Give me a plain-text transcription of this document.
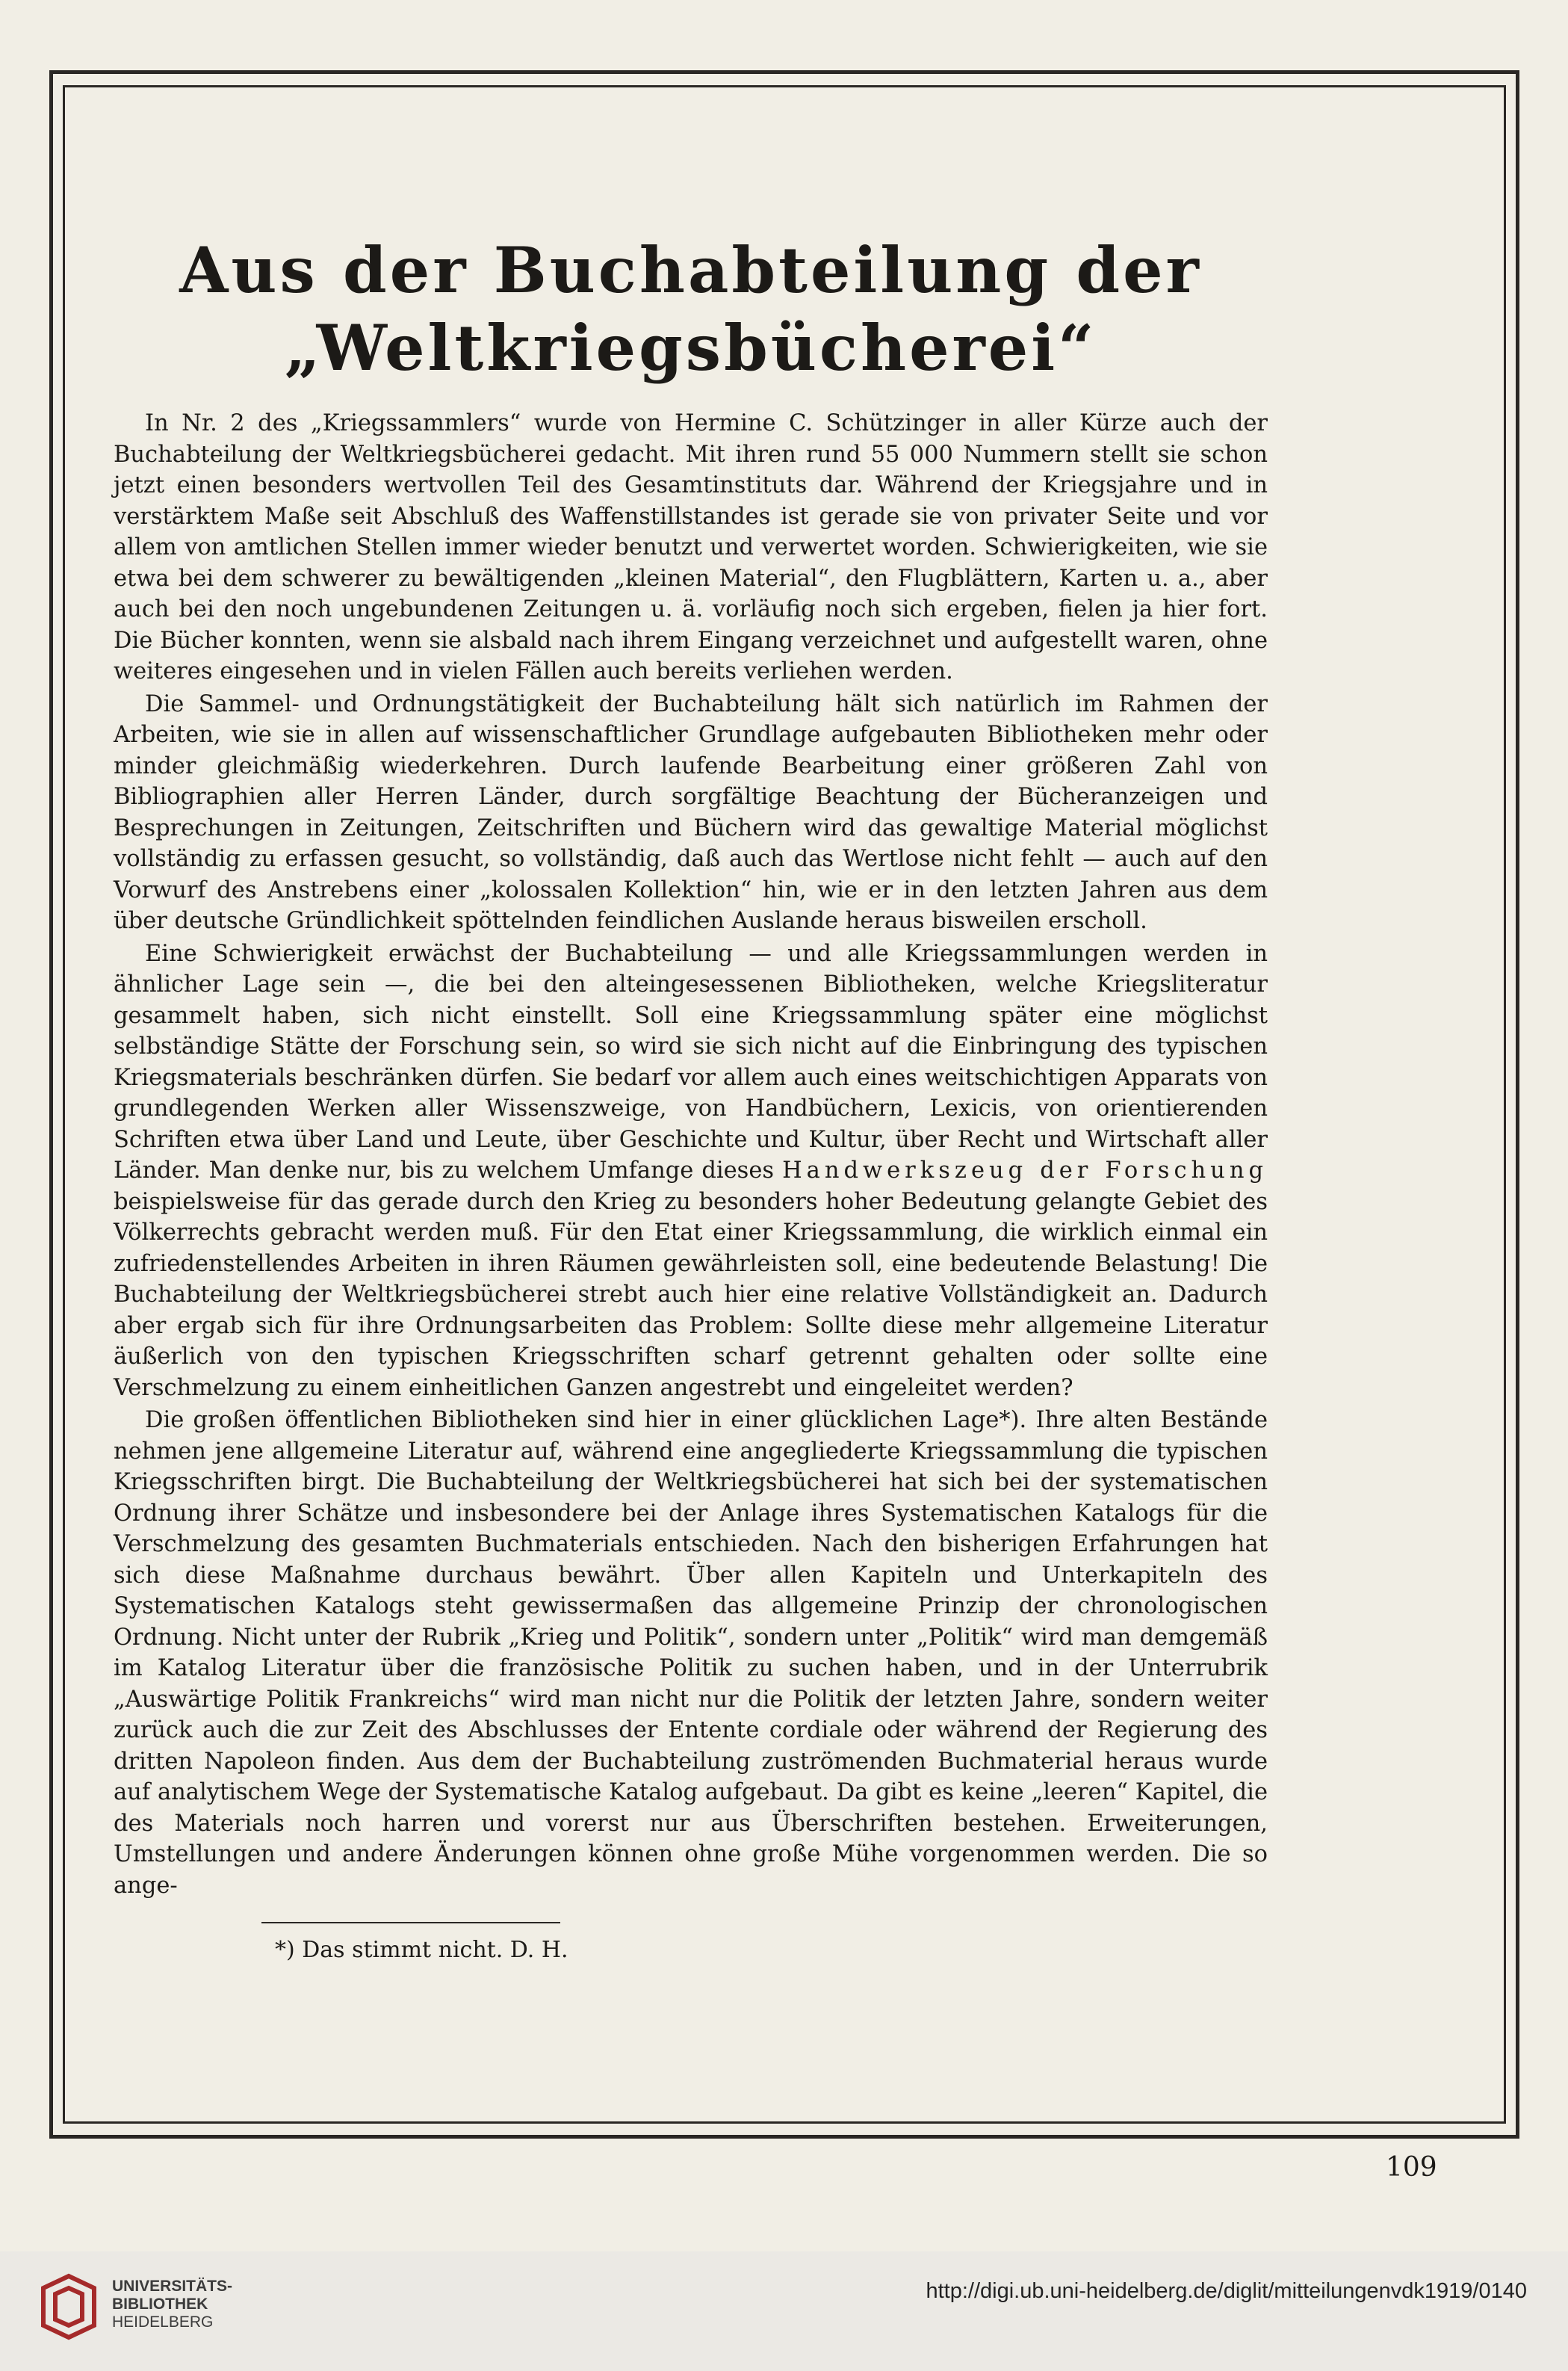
Aus der Buchabteilung der
„Weltkriegsbücherei“

In Nr. 2 des „Kriegssammlers“ wurde von Hermine C. Schützinger in aller Kürze auch der Buchabteilung der Weltkriegsbücherei gedacht. Mit ihren rund 55 000 Nummern stellt sie schon jetzt einen besonders wertvollen Teil des Gesamtinstituts dar. Während der Kriegsjahre und in verstärktem Maße seit Abschluß des Waffenstillstandes ist gerade sie von privater Seite und vor allem von amtlichen Stellen immer wieder benutzt und verwertet worden. Schwierigkeiten, wie sie etwa bei dem schwerer zu bewältigenden „kleinen Material“, den Flugblättern, Karten u. a., aber auch bei den noch ungebundenen Zeitungen u. ä. vorläufig noch sich ergeben, fielen ja hier fort. Die Bücher konnten, wenn sie alsbald nach ihrem Eingang verzeichnet und aufgestellt waren, ohne weiteres eingesehen und in vielen Fällen auch bereits verliehen werden.

Die Sammel- und Ordnungstätigkeit der Buchabteilung hält sich natürlich im Rahmen der Arbeiten, wie sie in allen auf wissenschaftlicher Grundlage aufgebauten Bibliotheken mehr oder minder gleichmäßig wiederkehren. Durch laufende Bearbeitung einer größeren Zahl von Bibliographien aller Herren Länder, durch sorgfältige Beachtung der Bücheranzeigen und Besprechungen in Zeitungen, Zeitschriften und Büchern wird das gewaltige Material möglichst vollständig zu erfassen gesucht, so vollständig, daß auch das Wertlose nicht fehlt — auch auf den Vorwurf des Anstrebens einer „kolossalen Kollektion“ hin, wie er in den letzten Jahren aus dem über deutsche Gründlichkeit spöttelnden feindlichen Auslande heraus bisweilen erscholl.

Eine Schwierigkeit erwächst der Buchabteilung — und alle Kriegssammlungen werden in ähnlicher Lage sein —, die bei den alteingesessenen Bibliotheken, welche Kriegsliteratur gesammelt haben, sich nicht einstellt. Soll eine Kriegssammlung später eine möglichst selbständige Stätte der Forschung sein, so wird sie sich nicht auf die Einbringung des typischen Kriegsmaterials beschränken dürfen. Sie bedarf vor allem auch eines weitschichtigen Apparats von grundlegenden Werken aller Wissenszweige, von Handbüchern, Lexicis, von orientierenden Schriften etwa über Land und Leute, über Geschichte und Kultur, über Recht und Wirtschaft aller Länder. Man denke nur, bis zu welchem Umfange dieses Handwerkszeug der Forschung beispielsweise für das gerade durch den Krieg zu besonders hoher Bedeutung gelangte Gebiet des Völkerrechts gebracht werden muß. Für den Etat einer Kriegssammlung, die wirklich einmal ein zufriedenstellendes Arbeiten in ihren Räumen gewährleisten soll, eine bedeutende Belastung! Die Buchabteilung der Weltkriegsbücherei strebt auch hier eine relative Vollständigkeit an. Dadurch aber ergab sich für ihre Ordnungsarbeiten das Problem: Sollte diese mehr allgemeine Literatur äußerlich von den typischen Kriegsschriften scharf getrennt gehalten oder sollte eine Verschmelzung zu einem einheitlichen Ganzen angestrebt und eingeleitet werden?

Die großen öffentlichen Bibliotheken sind hier in einer glücklichen Lage*). Ihre alten Bestände nehmen jene allgemeine Literatur auf, während eine angegliederte Kriegssammlung die typischen Kriegsschriften birgt. Die Buchabteilung der Weltkriegsbücherei hat sich bei der systematischen Ordnung ihrer Schätze und insbesondere bei der Anlage ihres Systematischen Katalogs für die Verschmelzung des gesamten Buchmaterials entschieden. Nach den bisherigen Erfahrungen hat sich diese Maßnahme durchaus bewährt. Über allen Kapiteln und Unterkapiteln des Systematischen Katalogs steht gewissermaßen das allgemeine Prinzip der chronologischen Ordnung. Nicht unter der Rubrik „Krieg und Politik“, sondern unter „Politik“ wird man demgemäß im Katalog Literatur über die französische Politik zu suchen haben, und in der Unterrubrik „Auswärtige Politik Frankreichs“ wird man nicht nur die Politik der letzten Jahre, sondern weiter zurück auch die zur Zeit des Abschlusses der Entente cordiale oder während der Regierung des dritten Napoleon finden. Aus dem der Buchabteilung zuströmenden Buchmaterial heraus wurde auf analytischem Wege der Systematische Katalog aufgebaut. Da gibt es keine „leeren“ Kapitel, die des Materials noch harren und vorerst nur aus Überschriften bestehen. Erweiterungen, Umstellungen und andere Änderungen können ohne große Mühe vorgenommen werden. Die so ange-

*) Das stimmt nicht. D. H.
109
UNIVERSITÄTS-
BIBLIOTHEK
HEIDELBERG
http://digi.ub.uni-heidelberg.de/diglit/mitteilungenvdk1919/0140
